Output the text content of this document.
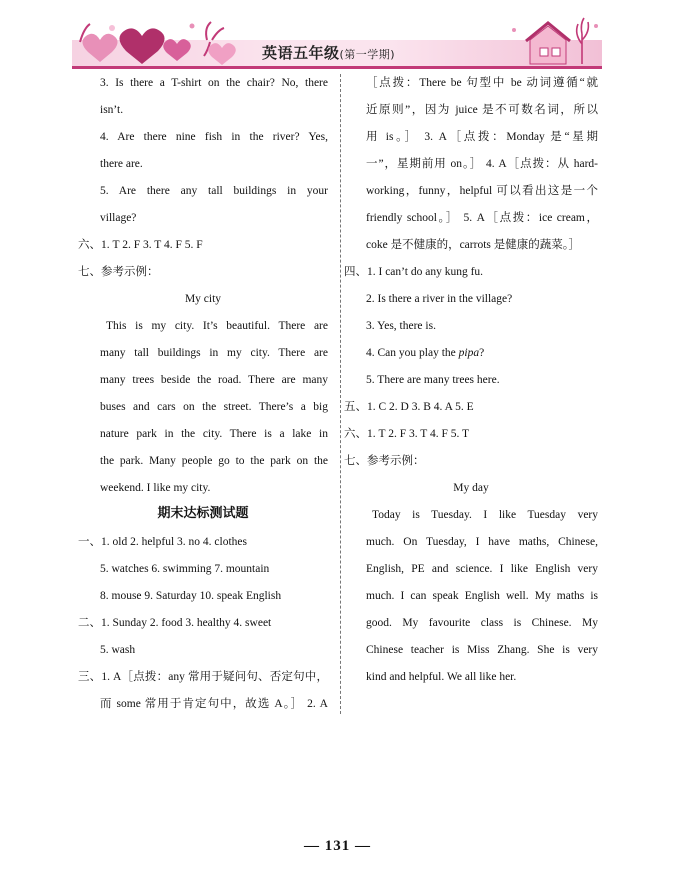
英语五年级(第一学期)
3. Is there a T-shirt on the chair? No, there
isn’t.
4. Are there nine fish in the river? Yes,
there are.
5. Are there any tall buildings in your
village?
六、1. T 2. F 3. T 4. F 5. F
七、参考示例：
My city
This is my city. It’s beautiful. There are
many tall buildings in my city. There are
many trees beside the road. There are many
buses and cars on the street. There’s a big
nature park in the city. There is a lake in
the park. Many people go to the park on the
weekend. I like my city.
期末达标测试题
一、1. old 2. helpful 3. no 4. clothes
5. watches 6. swimming 7. mountain
8. mouse 9. Saturday 10. speak English
二、1. Sunday 2. food 3. healthy 4. sweet
5. wash
三、1. A［点拨：any 常用于疑问句、否定句中，
而 some 常用于肯定句中，故选 A。］ 2. A
［点拨：There be 句型中 be 动词遵循“就
近原则”，因为 juice 是不可数名词，所以
用 is。］ 3. A［点拨：Monday 是“星期
一”，星期前用 on。］ 4. A［点拨：从 hard-
working，funny，helpful 可以看出这是一个
friendly school。］ 5. A［点拨：ice cream，
coke 是不健康的，carrots 是健康的蔬菜。］
四、1. I can’t do any kung fu.
2. Is there a river in the village?
3. Yes, there is.
4. Can you play the pipa?
5. There are many trees here.
五、1. C 2. D 3. B 4. A 5. E
六、1. T 2. F 3. T 4. F 5. T
七、参考示例：
My day
Today is Tuesday. I like Tuesday very
much. On Tuesday, I have maths, Chinese,
English, PE and science. I like English very
much. I can speak English well. My maths is
good. My favourite class is Chinese. My
Chinese teacher is Miss Zhang. She is very
kind and helpful. We all like her.
— 131 —
